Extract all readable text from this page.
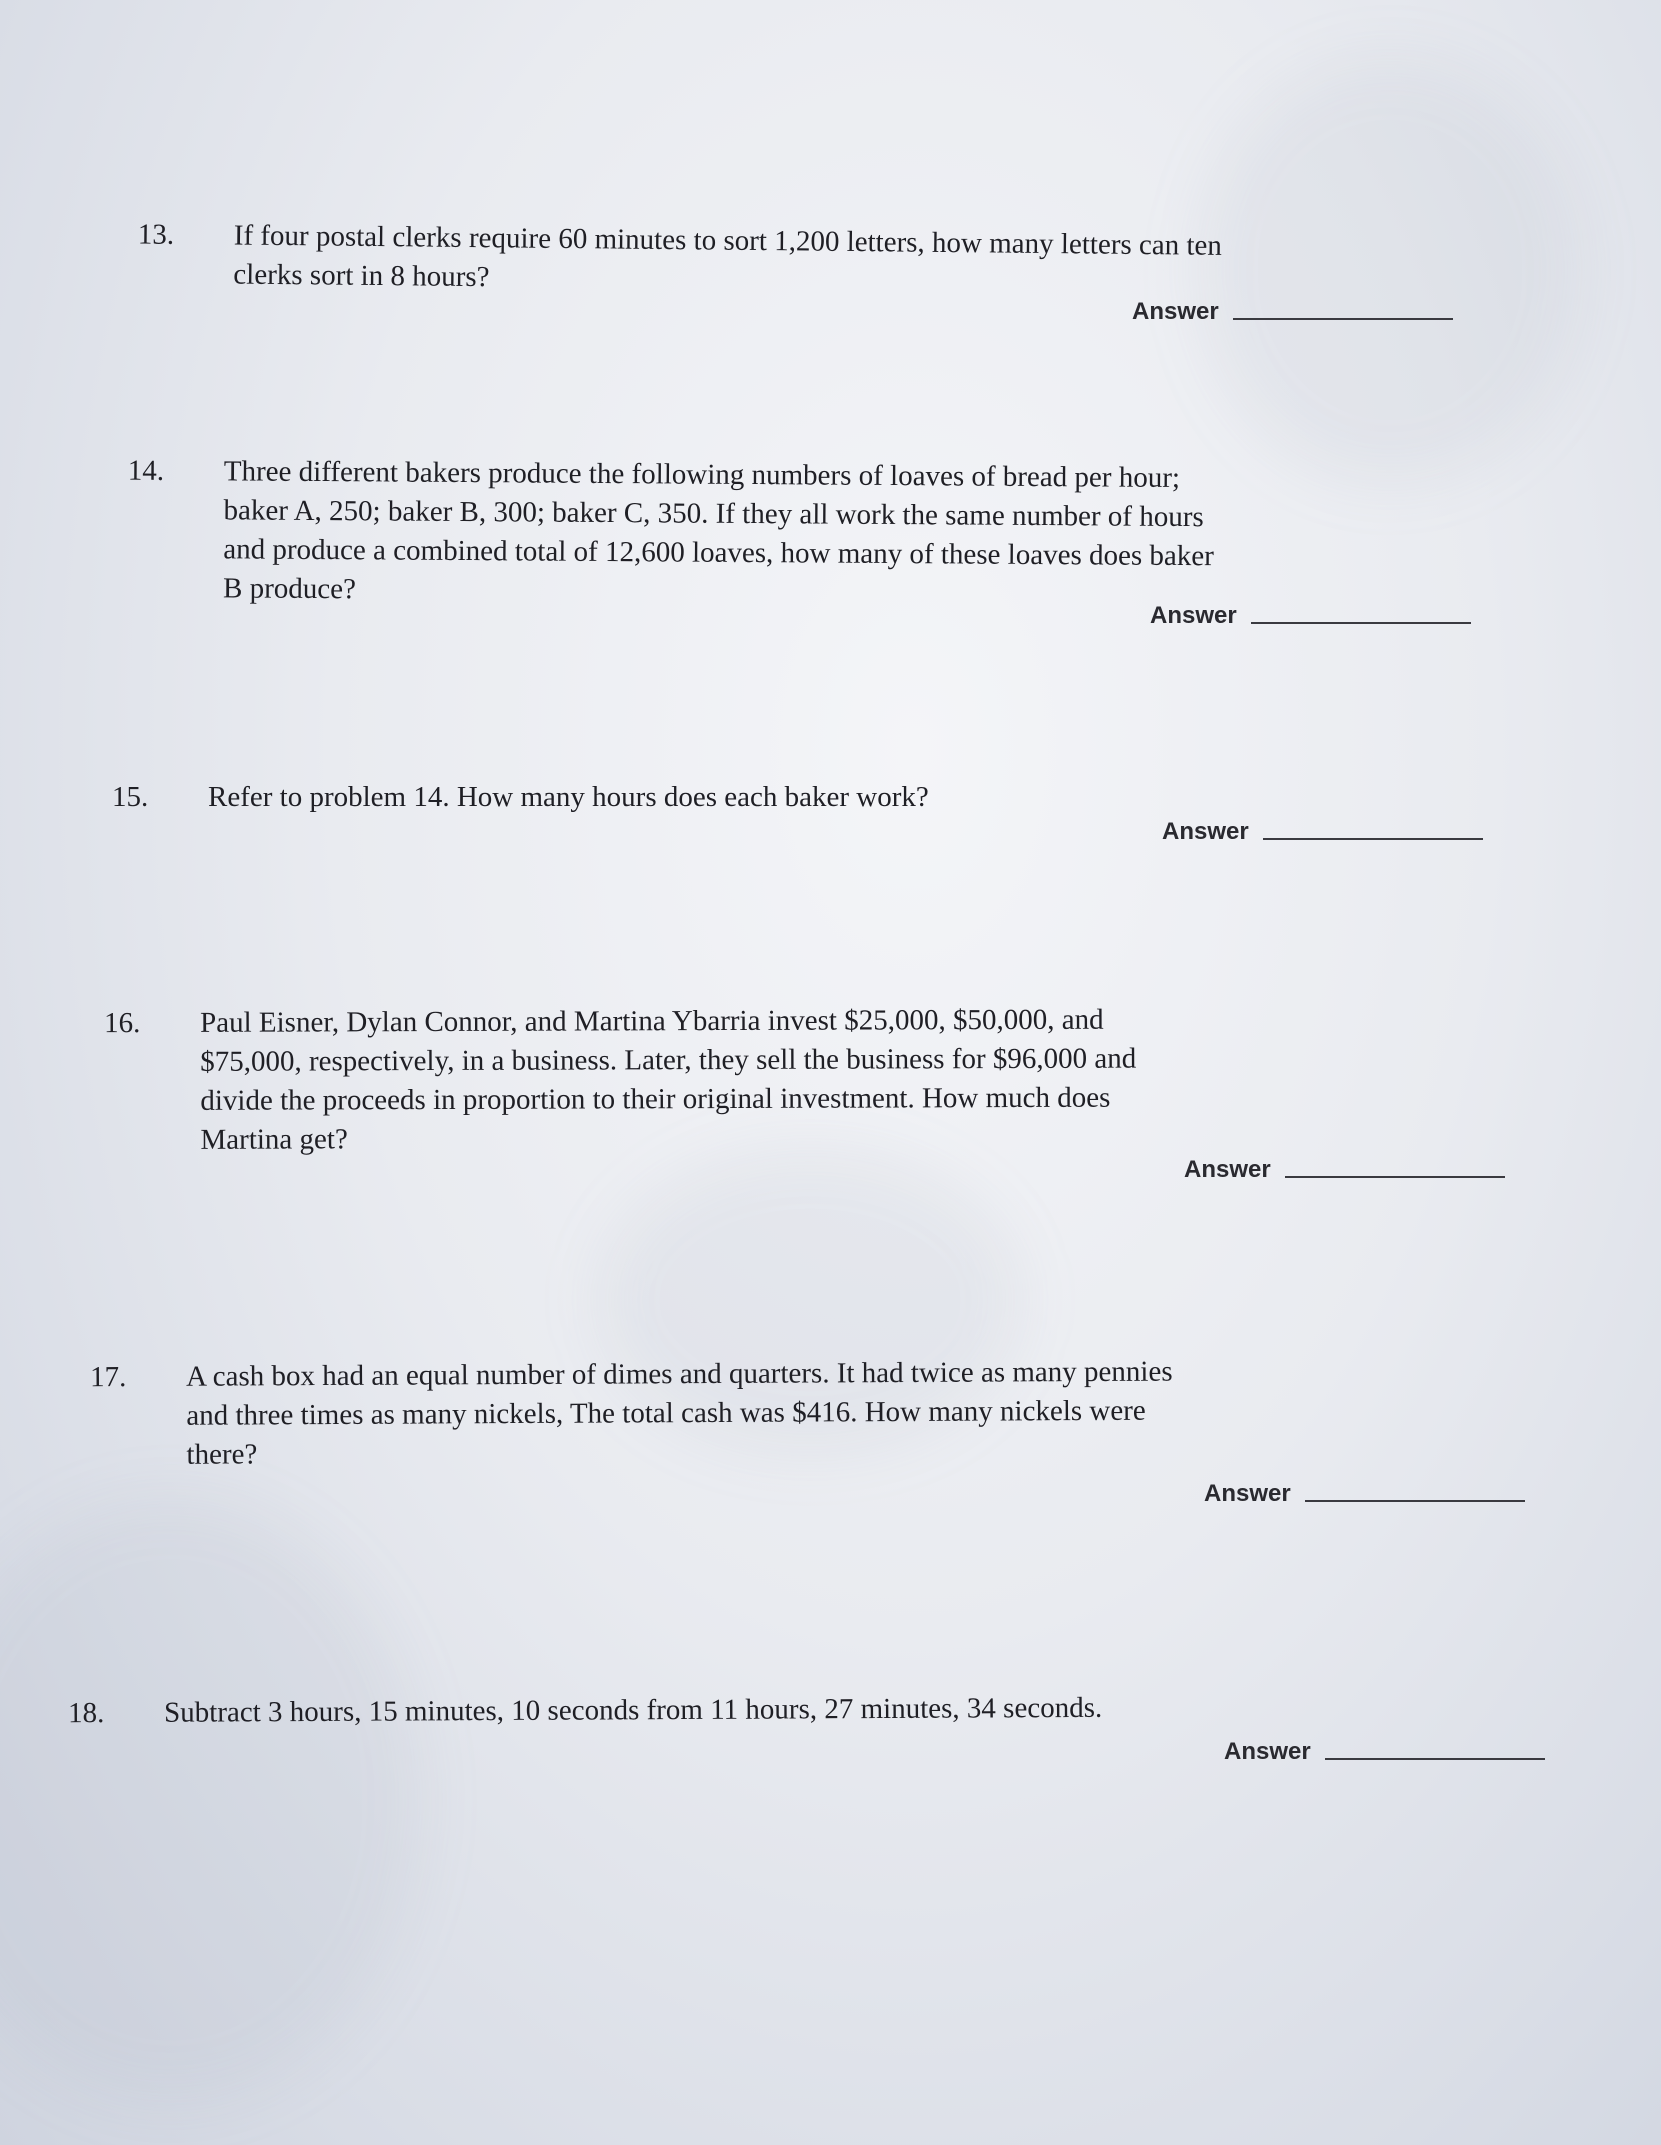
13. If four postal clerks require 60 minutes to sort 1,200 letters, how many letters can ten
clerks sort in 8 hours?
Answer
14. Three different bakers produce the following numbers of loaves of bread per hour;
baker A, 250; baker B, 300; baker C, 350. If they all work the same number of hours
and produce a combined total of 12,600 loaves, how many of these loaves does baker
B produce?
Answer
15. Refer to problem 14. How many hours does each baker work?
Answer
16. Paul Eisner, Dylan Connor, and Martina Ybarria invest $25,000, $50,000, and
$75,000, respectively, in a business. Later, they sell the business for $96,000 and
divide the proceeds in proportion to their original investment. How much does
Martina get?
Answer
17. A cash box had an equal number of dimes and quarters. It had twice as many pennies
and three times as many nickels, The total cash was $416. How many nickels were
there?
Answer
18. Subtract 3 hours, 15 minutes, 10 seconds from 11 hours, 27 minutes, 34 seconds.
Answer
